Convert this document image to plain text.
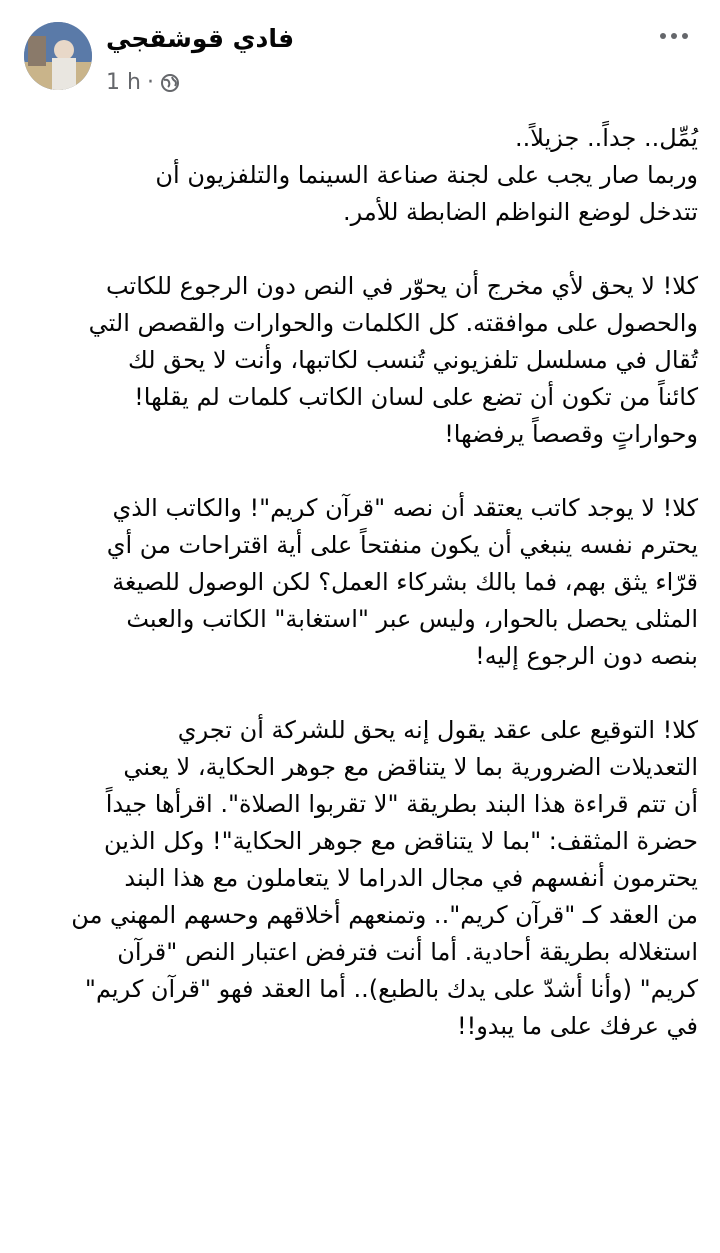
فادي قوشقجي
1 h ·

يُمِّل.. جداً.. جزيلاً..
وربما صار يجب على لجنة صناعة السينما والتلفزيون أن
تتدخل لوضع النواظم الضابطة للأمر.

كلا! لا يحق لأي مخرج أن يحوّر في النص دون الرجوع للكاتب
والحصول على موافقته. كل الكلمات والحوارات والقصص التي
تُقال في مسلسل تلفزيوني تُنسب لكاتبها، وأنت لا يحق لك
كائناً من تكون أن تضع على لسان الكاتب كلمات لم يقلها!
وحواراتٍ وقصصاً يرفضها!

كلا! لا يوجد كاتب يعتقد أن نصه "قرآن كريم"! والكاتب الذي
يحترم نفسه ينبغي أن يكون منفتحاً على أية اقتراحات من أي
قرّاء يثق بهم، فما بالك بشركاء العمل؟ لكن الوصول للصيغة
المثلى يحصل بالحوار، وليس عبر "استغابة" الكاتب والعبث
بنصه دون الرجوع إليه!

كلا! التوقيع على عقد يقول إنه يحق للشركة أن تجري
التعديلات الضرورية بما لا يتناقض مع جوهر الحكاية، لا يعني
أن تتم قراءة هذا البند بطريقة "لا تقربوا الصلاة". اقرأها جيداً
حضرة المثقف: "بما لا يتناقض مع جوهر الحكاية"! وكل الذين
يحترمون أنفسهم في مجال الدراما لا يتعاملون مع هذا البند
من العقد كـ "قرآن كريم".. وتمنعهم أخلاقهم وحسهم المهني من
استغلاله بطريقة أحادية. أما أنت فترفض اعتبار النص "قرآن
كريم" (وأنا أشدّ على يدك بالطبع).. أما العقد فهو "قرآن كريم"
في عرفك على ما يبدو!!
